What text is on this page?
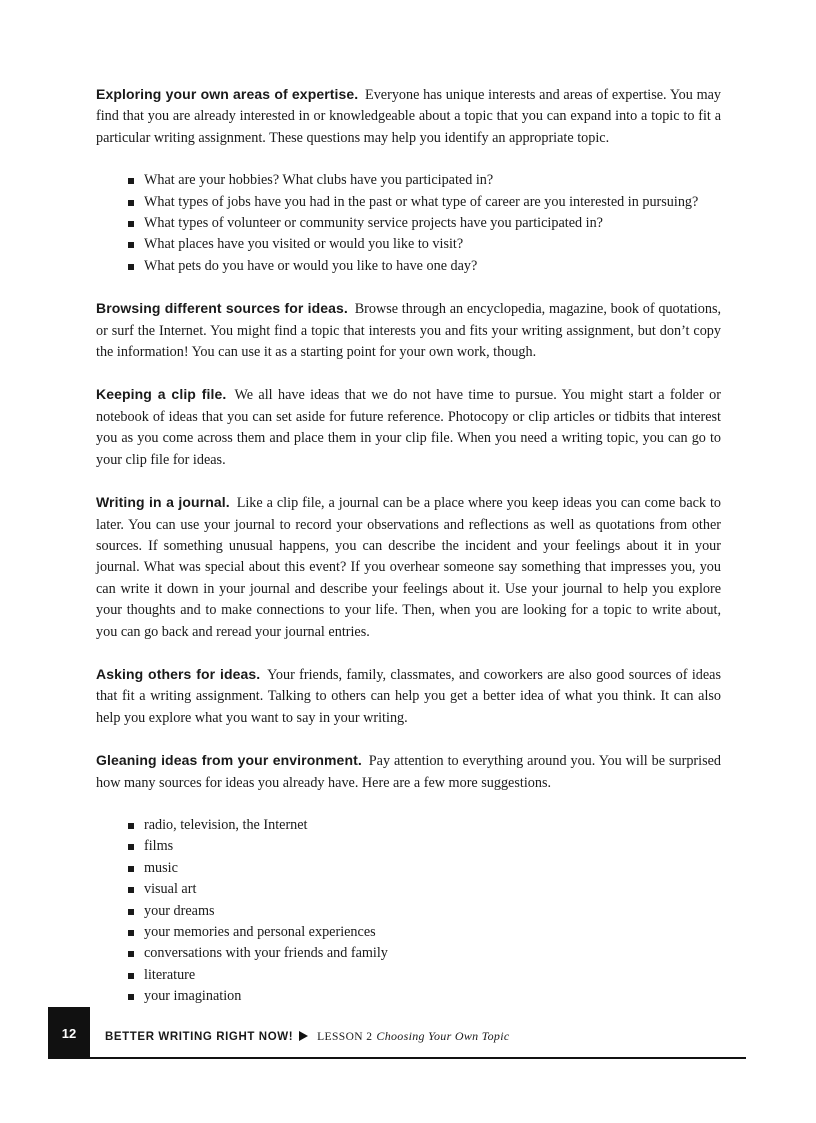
Exploring your own areas of expertise. Everyone has unique interests and areas of expertise. You may find that you are already interested in or knowledgeable about a topic that you can expand into a topic to fit a particular writing assignment. These questions may help you identify an appropriate topic.

What are your hobbies? What clubs have you participated in?
What types of jobs have you had in the past or what type of career are you interested in pursuing?
What types of volunteer or community service projects have you participated in?
What places have you visited or would you like to visit?
What pets do you have or would you like to have one day?

Browsing different sources for ideas. Browse through an encyclopedia, magazine, book of quotations, or surf the Internet. You might find a topic that interests you and fits your writing assignment, but don’t copy the information! You can use it as a starting point for your own work, though.

Keeping a clip file. We all have ideas that we do not have time to pursue. You might start a folder or notebook of ideas that you can set aside for future reference. Photocopy or clip articles or tidbits that interest you as you come across them and place them in your clip file. When you need a writing topic, you can go to your clip file for ideas.

Writing in a journal. Like a clip file, a journal can be a place where you keep ideas you can come back to later. You can use your journal to record your observations and reflections as well as quotations from other sources. If something unusual happens, you can describe the incident and your feelings about it in your journal. What was special about this event? If you overhear someone say something that impresses you, you can write it down in your journal and describe your feelings about it. Use your journal to help you explore your thoughts and to make connections to your life. Then, when you are looking for a topic to write about, you can go back and reread your journal entries.

Asking others for ideas. Your friends, family, classmates, and coworkers are also good sources of ideas that fit a writing assignment. Talking to others can help you get a better idea of what you think. It can also help you explore what you want to say in your writing.

Gleaning ideas from your environment. Pay attention to everything around you. You will be surprised how many sources for ideas you already have. Here are a few more suggestions.

radio, television, the Internet
films
music
visual art
your dreams
your memories and personal experiences
conversations with your friends and family
literature
your imagination
12	BETTER WRITING RIGHT NOW! LESSON 2 Choosing Your Own Topic
